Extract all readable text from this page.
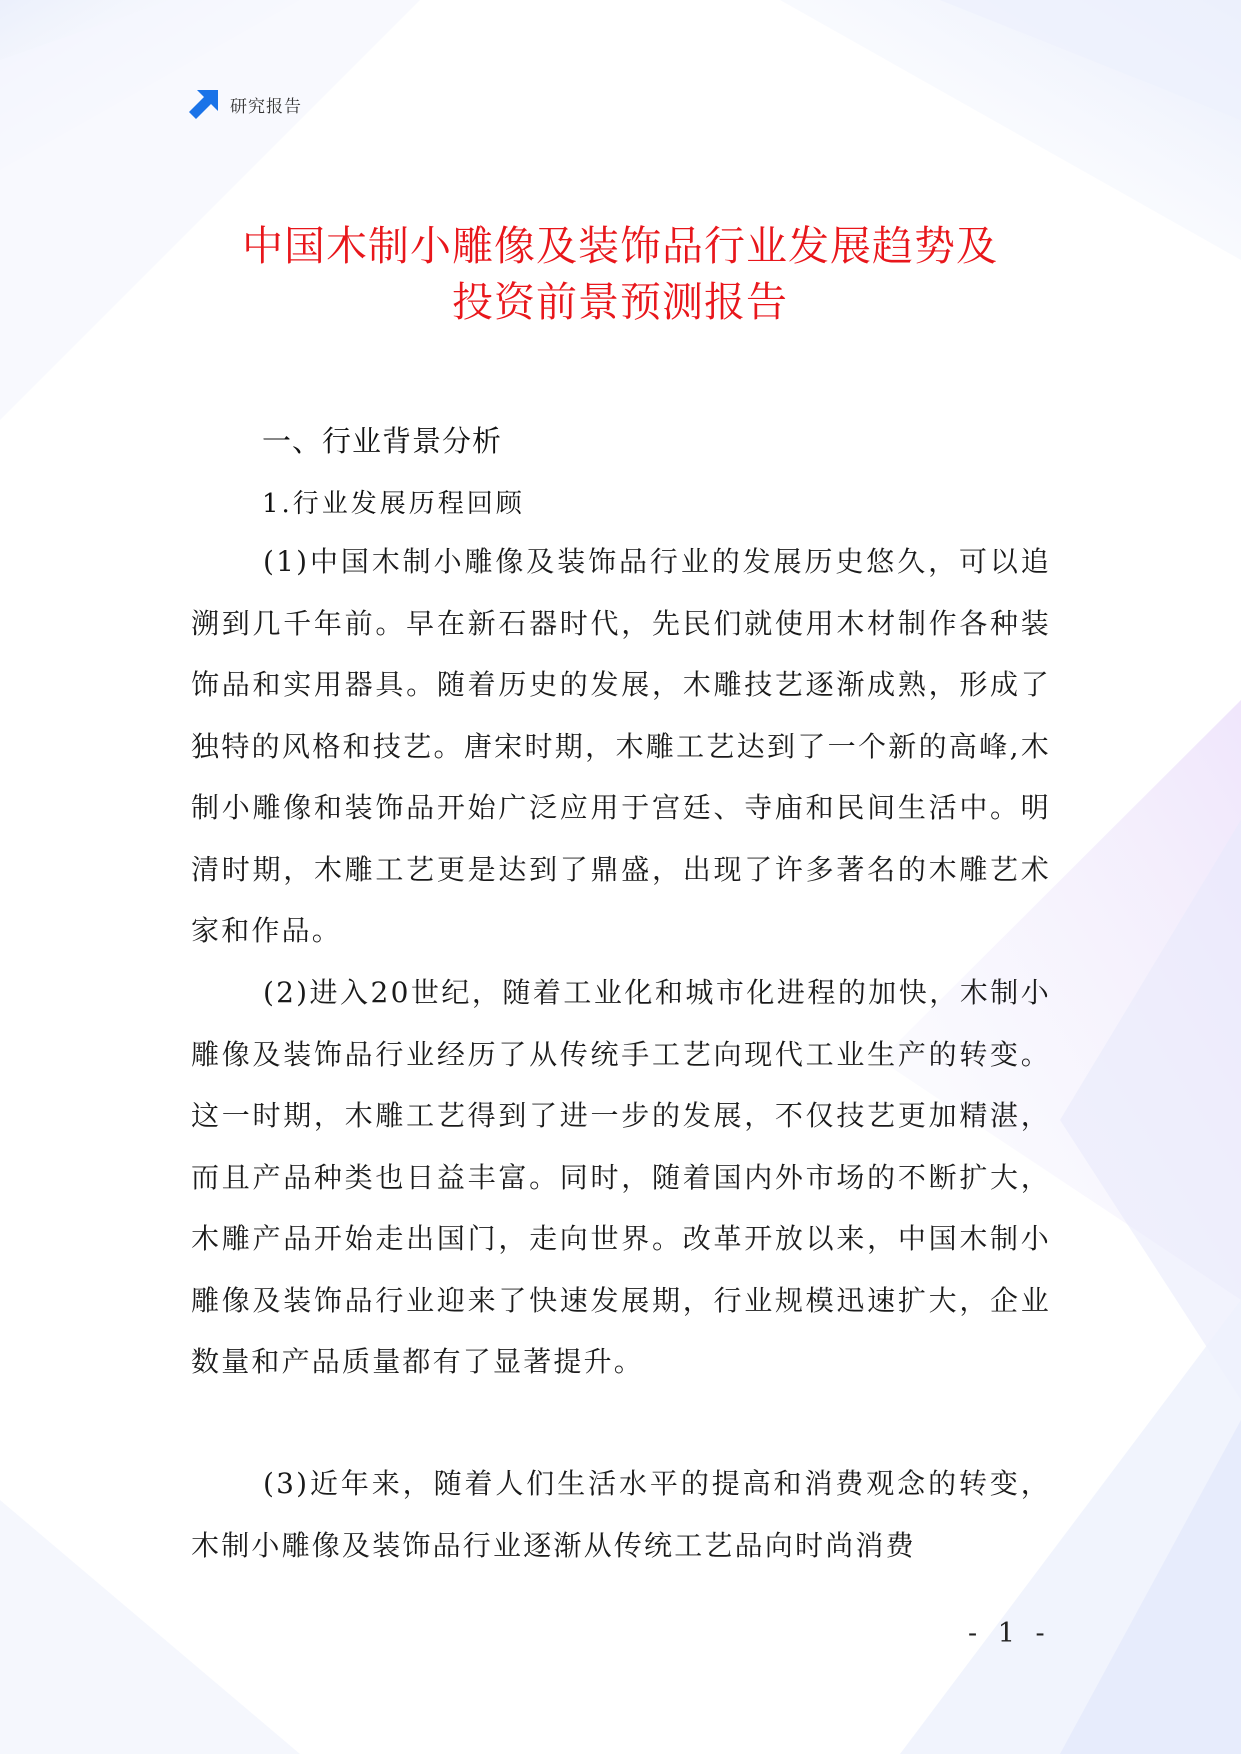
研究报告
中国木制小雕像及装饰品行业发展趋势及
投资前景预测报告
一、行业背景分析
1.行业发展历程回顾

(1)中国木制小雕像及装饰品行业的发展历史悠久，可以追溯到几千年前。早在新石器时代，先民们就使用木材制作各种装饰品和实用器具。随着历史的发展，木雕技艺逐渐成熟，形成了独特的风格和技艺。唐宋时期，木雕工艺达到了一个新的高峰,木制小雕像和装饰品开始广泛应用于宫廷、寺庙和民间生活中。明清时期，木雕工艺更是达到了鼎盛，出现了许多著名的木雕艺术家和作品。

(2)进入20世纪，随着工业化和城市化进程的加快，木制小雕像及装饰品行业经历了从传统手工艺向现代工业生产的转变。这一时期，木雕工艺得到了进一步的发展，不仅技艺更加精湛，而且产品种类也日益丰富。同时，随着国内外市场的不断扩大，木雕产品开始走出国门，走向世界。改革开放以来，中国木制小雕像及装饰品行业迎来了快速发展期，行业规模迅速扩大，企业数量和产品质量都有了显著提升。

(3)近年来，随着人们生活水平的提高和消费观念的转变，木制小雕像及装饰品行业逐渐从传统工艺品向时尚消费

- 1 -
